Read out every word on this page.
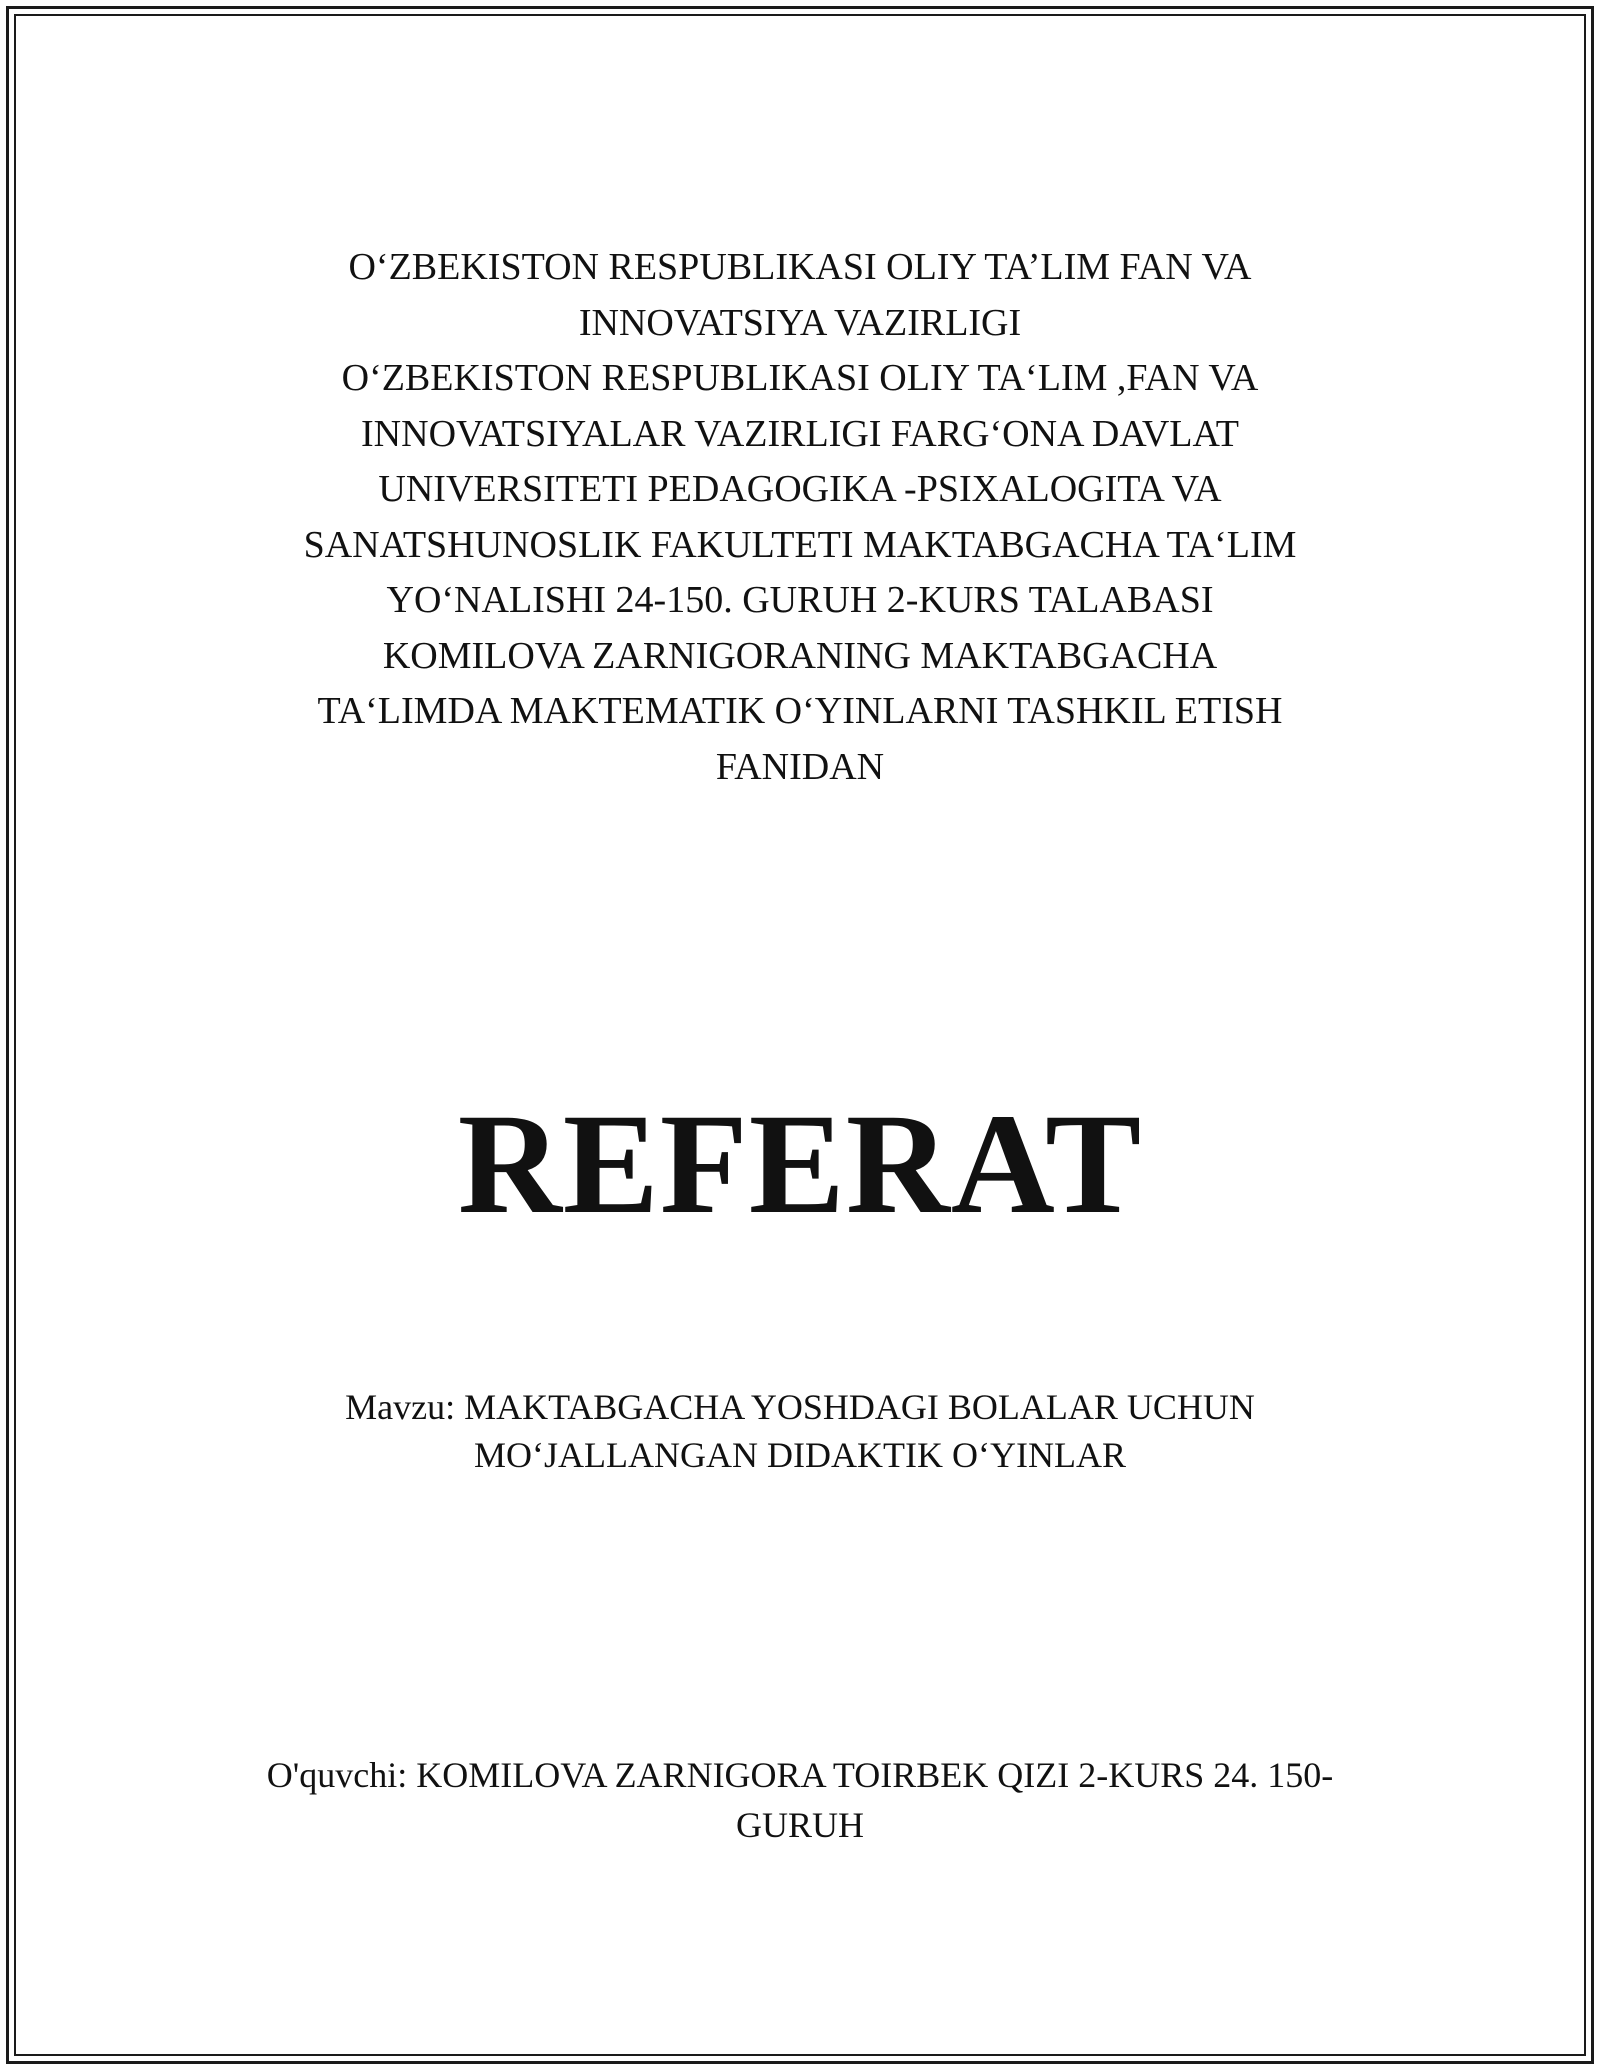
O‘ZBEKISTON RESPUBLIKASI OLIY TA’LIM FAN VA
INNOVATSIYA VAZIRLIGI
O‘ZBEKISTON RESPUBLIKASI OLIY TA‘LIM ,FAN VA
INNOVATSIYALAR VAZIRLIGI FARG‘ONA DAVLAT
UNIVERSITETI PEDAGOGIKA -PSIXALOGITA VA
SANATSHUNOSLIK FAKULTETI MAKTABGACHA TA‘LIM
YO‘NALISHI 24-150. GURUH 2-KURS TALABASI
KOMILOVA ZARNIGORANING MAKTABGACHA
TA‘LIMDA MAKTEMATIK O‘YINLARNI TASHKIL ETISH
FANIDAN
REFERAT
Mavzu: MAKTABGACHA YOSHDAGI BOLALAR UCHUN
MO‘JALLANGAN DIDAKTIK O‘YINLAR
O'quvchi: KOMILOVA ZARNIGORA TOIRBEK QIZI 2-KURS 24. 150-
GURUH
